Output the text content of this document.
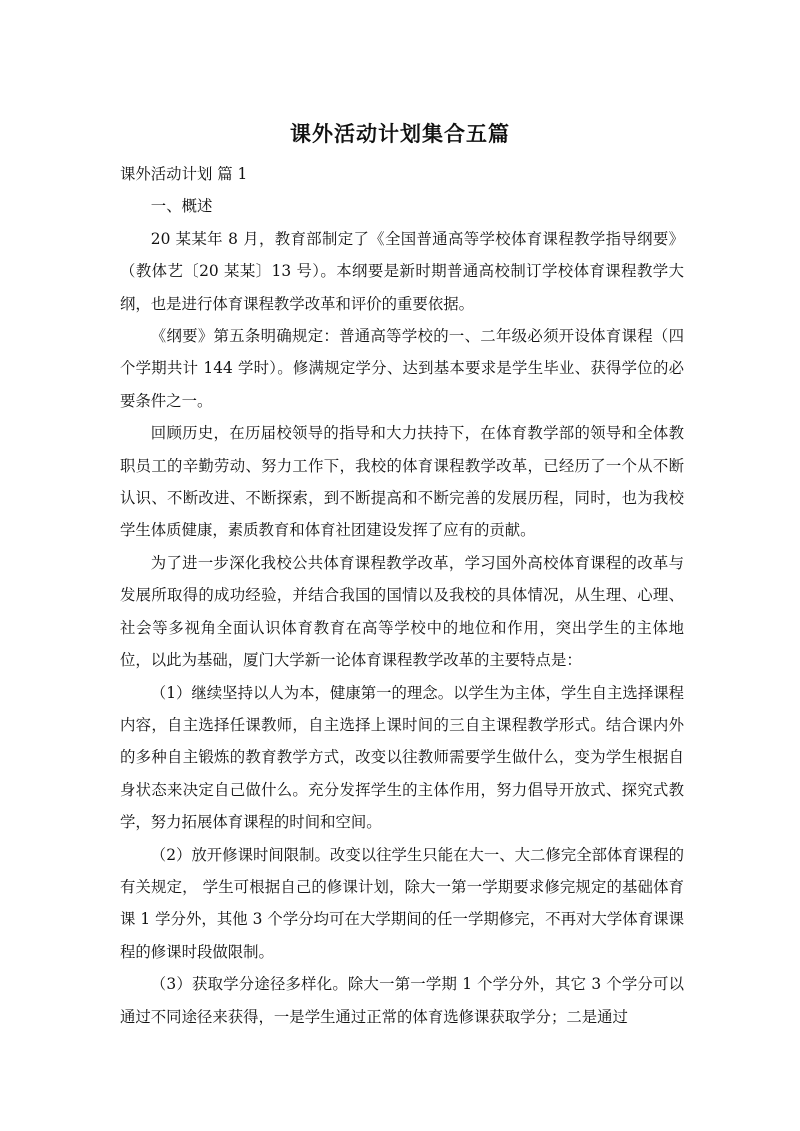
课外活动计划集合五篇

课外活动计划 篇 1

一、概述

20 某某年 8 月，教育部制定了《全国普通高等学校体育课程教学指导纲要》（教体艺〔20 某某〕13 号）。本纲要是新时期普通高校制订学校体育课程教学大纲，也是进行体育课程教学改革和评价的重要依据。

《纲要》第五条明确规定：普通高等学校的一、二年级必须开设体育课程（四个学期共计 144 学时）。修满规定学分、达到基本要求是学生毕业、获得学位的必要条件之一。

回顾历史，在历届校领导的指导和大力扶持下，在体育教学部的领导和全体教职员工的辛勤劳动、努力工作下，我校的体育课程教学改革，已经历了一个从不断认识、不断改进、不断探索，到不断提高和不断完善的发展历程，同时，也为我校学生体质健康，素质教育和体育社团建设发挥了应有的贡献。

为了进一步深化我校公共体育课程教学改革，学习国外高校体育课程的改革与发展所取得的成功经验，并结合我国的国情以及我校的具体情况，从生理、心理、社会等多视角全面认识体育教育在高等学校中的地位和作用，突出学生的主体地位，以此为基础，厦门大学新一论体育课程教学改革的主要特点是：

（1）继续坚持以人为本，健康第一的理念。以学生为主体，学生自主选择课程内容，自主选择任课教师，自主选择上课时间的三自主课程教学形式。结合课内外的多种自主锻炼的教育教学方式，改变以往教师需要学生做什么，变为学生根据自身状态来决定自己做什么。充分发挥学生的主体作用，努力倡导开放式、探究式教学，努力拓展体育课程的时间和空间。

（2）放开修课时间限制。改变以往学生只能在大一、大二修完全部体育课程的有关规定， 学生可根据自己的修课计划，除大一第一学期要求修完规定的基础体育课 1 学分外，其他 3 个学分均可在大学期间的任一学期修完，不再对大学体育课课程的修课时段做限制。

（3）获取学分途径多样化。除大一第一学期 1 个学分外，其它 3 个学分可以通过不同途径来获得，一是学生通过正常的体育选修课获取学分；二是通过
